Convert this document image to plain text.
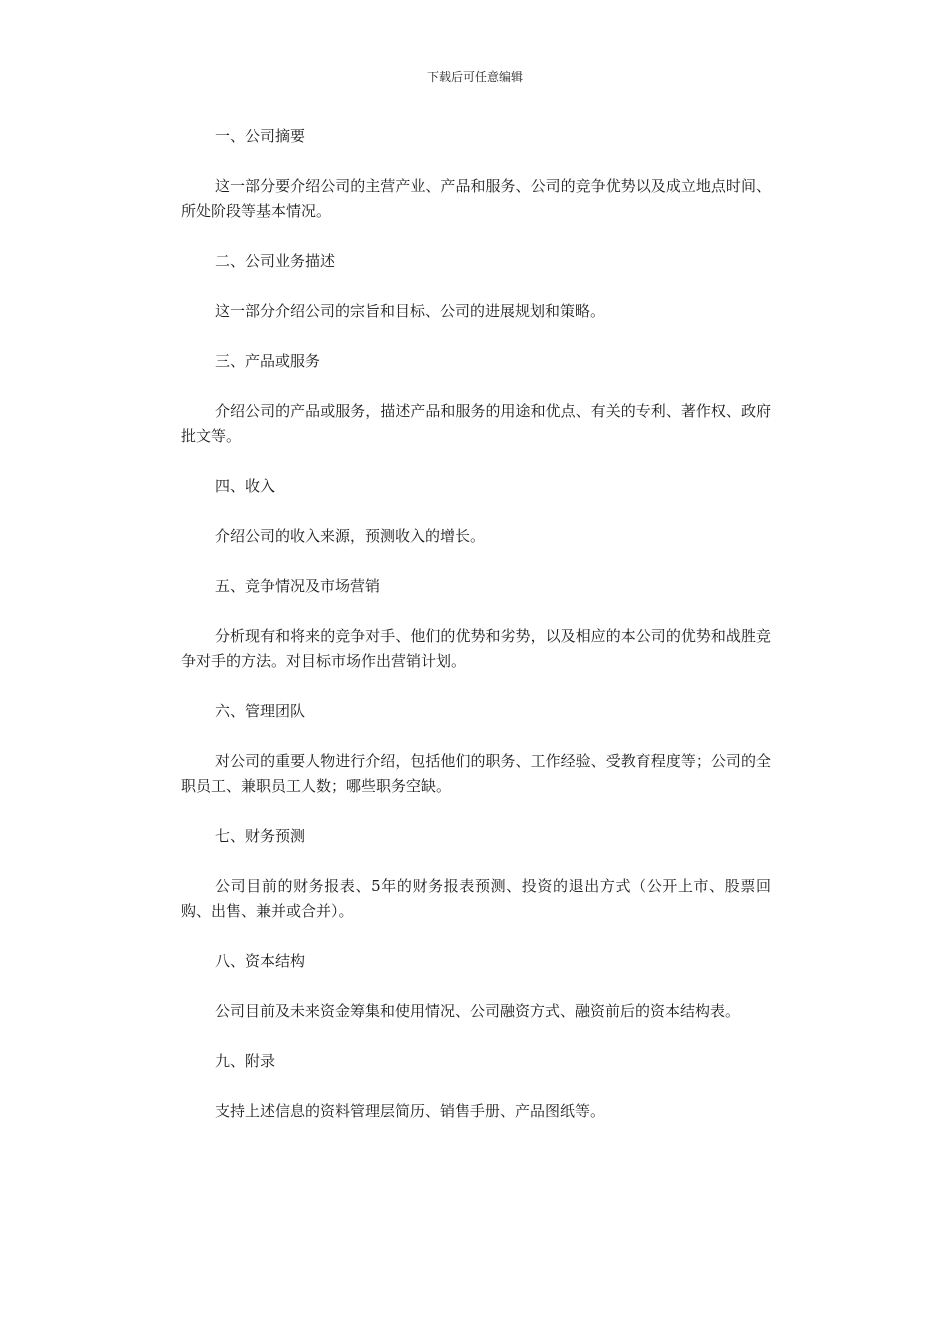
下载后可任意编辑

一、公司摘要

这一部分要介绍公司的主营产业、产品和服务、公司的竞争优势以及成立地点时间、所处阶段等基本情况。

二、公司业务描述

这一部分介绍公司的宗旨和目标、公司的进展规划和策略。

三、产品或服务

介绍公司的产品或服务，描述产品和服务的用途和优点、有关的专利、著作权、政府批文等。

四、收入

介绍公司的收入来源，预测收入的增长。

五、竞争情况及市场营销

分析现有和将来的竞争对手、他们的优势和劣势，以及相应的本公司的优势和战胜竞争对手的方法。对目标市场作出营销计划。

六、管理团队

对公司的重要人物进行介绍，包括他们的职务、工作经验、受教育程度等；公司的全职员工、兼职员工人数；哪些职务空缺。

七、财务预测

公司目前的财务报表、5年的财务报表预测、投资的退出方式（公开上市、股票回购、出售、兼并或合并）。

八、资本结构

公司目前及未来资金筹集和使用情况、公司融资方式、融资前后的资本结构表。

九、附录

支持上述信息的资料管理层简历、销售手册、产品图纸等。
